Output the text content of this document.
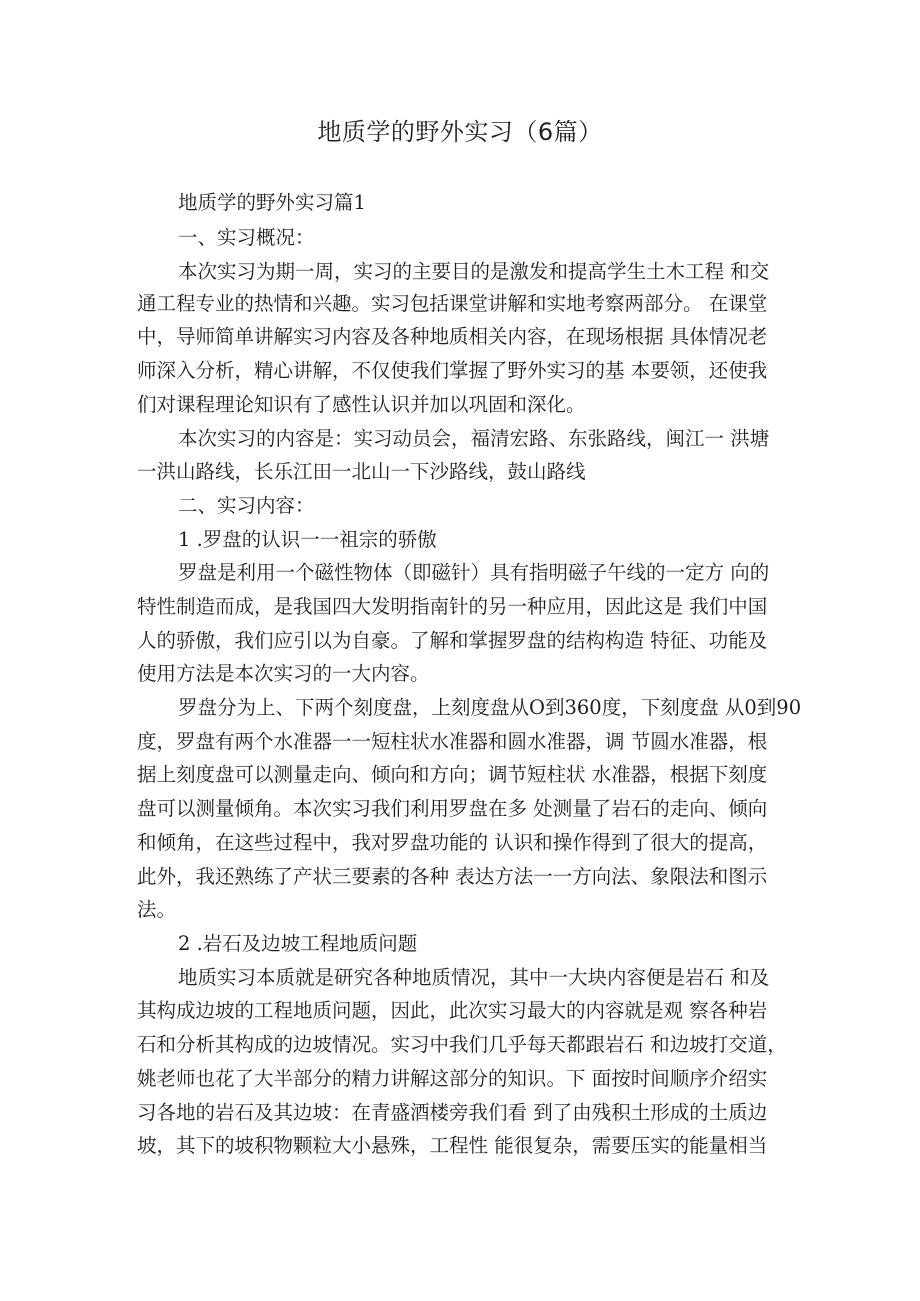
地质学的野外实习（6篇）
地质学的野外实习篇1
一、实习概况：
本次实习为期一周，实习的主要目的是激发和提高学生土木工程 和交
通工程专业的热情和兴趣。实习包括课堂讲解和实地考察两部分。 在课堂
中，导师简单讲解实习内容及各种地质相关内容，在现场根据 具体情况老
师深入分析，精心讲解，不仅使我们掌握了野外实习的基 本要领，还使我
们对课程理论知识有了感性认识并加以巩固和深化。
本次实习的内容是：实习动员会，福清宏路、东张路线，闽江一 洪塘
一洪山路线，长乐江田一北山一下沙路线，鼓山路线
二、实习内容：
1 .罗盘的认识一一祖宗的骄傲
罗盘是利用一个磁性物体（即磁针）具有指明磁子午线的一定方 向的
特性制造而成，是我国四大发明指南针的另一种应用，因此这是 我们中国
人的骄傲，我们应引以为自豪。了解和掌握罗盘的结构构造 特征、功能及
使用方法是本次实习的一大内容。
罗盘分为上、下两个刻度盘，上刻度盘从O到360度，下刻度盘 从0到90
度，罗盘有两个水准器一一短柱状水准器和圆水准器，调 节圆水准器，根
据上刻度盘可以测量走向、倾向和方向；调节短柱状 水准器，根据下刻度
盘可以测量倾角。本次实习我们利用罗盘在多 处测量了岩石的走向、倾向
和倾角，在这些过程中，我对罗盘功能的 认识和操作得到了很大的提高，
此外，我还熟练了产状三要素的各种 表达方法一一方向法、象限法和图示
法。
2 .岩石及边坡工程地质问题
地质实习本质就是研究各种地质情况，其中一大块内容便是岩石 和及
其构成边坡的工程地质问题，因此，此次实习最大的内容就是观 察各种岩
石和分析其构成的边坡情况。实习中我们几乎每天都跟岩石 和边坡打交道，
姚老师也花了大半部分的精力讲解这部分的知识。下 面按时间顺序介绍实
习各地的岩石及其边坡：在青盛酒楼旁我们看 到了由残积土形成的土质边
坡，其下的坡积物颗粒大小悬殊，工程性 能很复杂，需要压实的能量相当
